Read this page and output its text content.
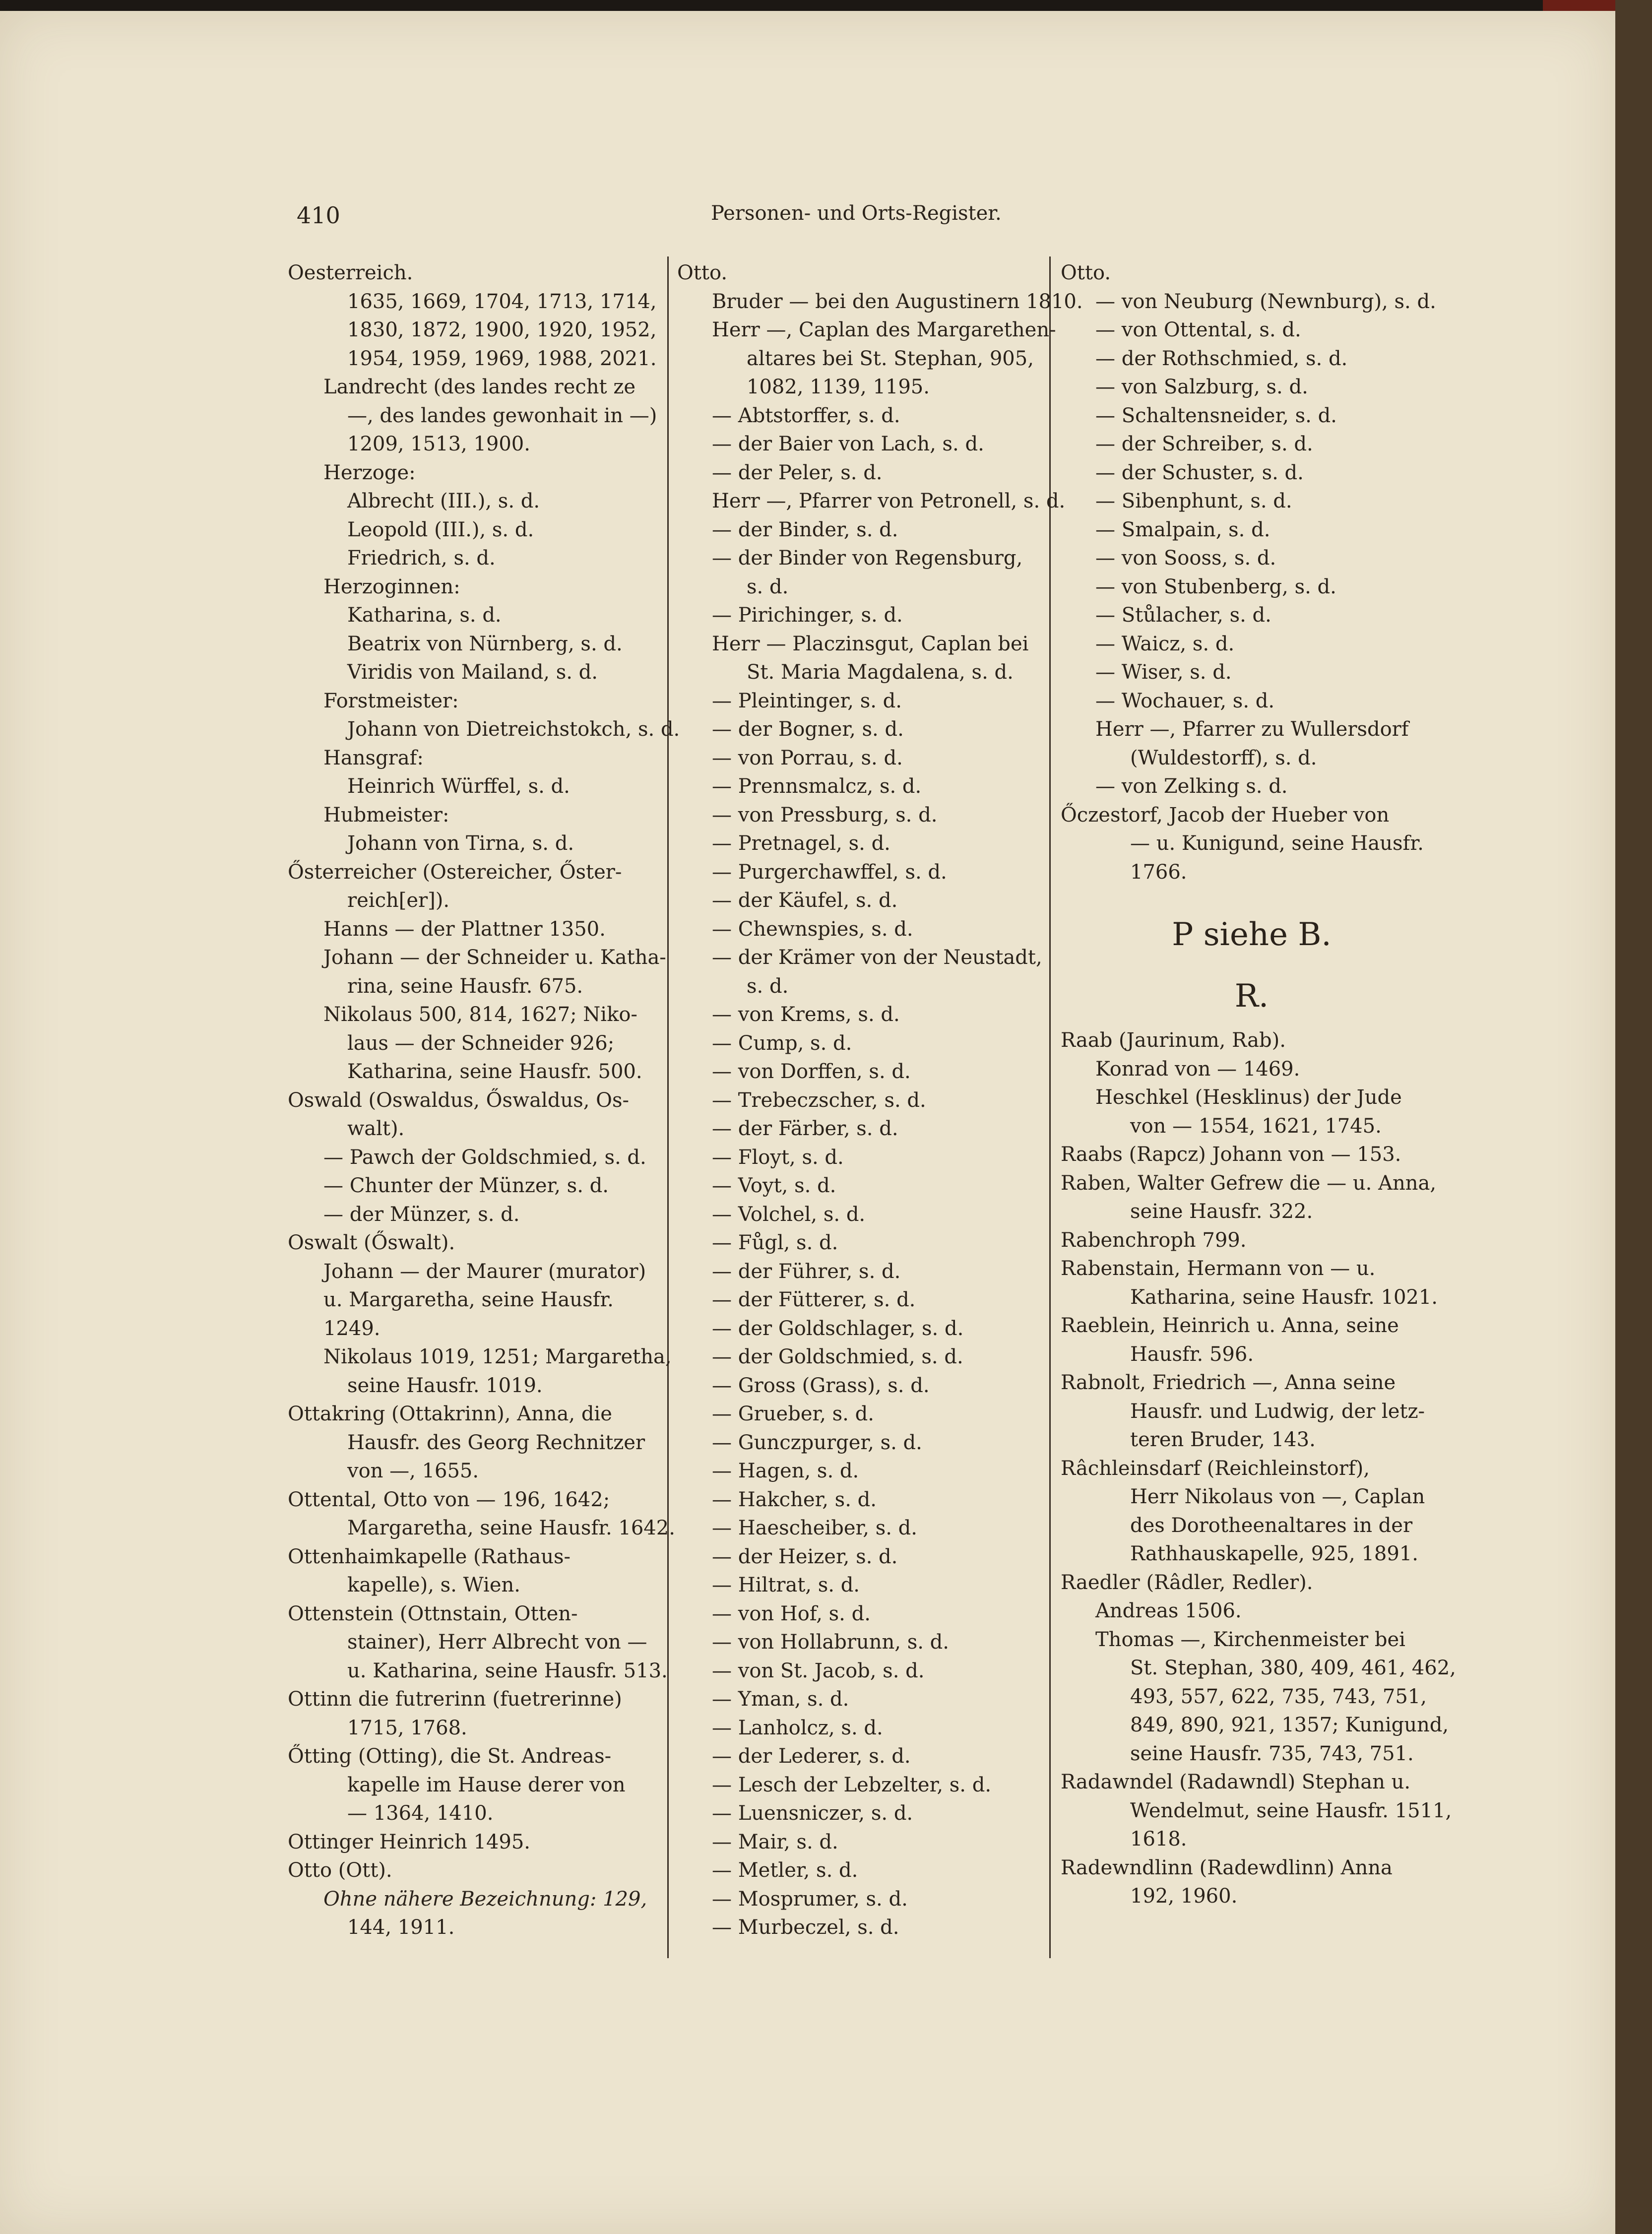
410	Personen- und Orts-Register.
Oesterreich.
1635, 1669, 1704, 1713, 1714,
1830, 1872, 1900, 1920, 1952,
1954, 1959, 1969, 1988, 2021.
Landrecht (des landes recht ze
—, des landes gewonhait in —)
1209, 1513, 1900.
Herzoge:
Albrecht (III.), s. d.
Leopold (III.), s. d.
Friedrich, s. d.
Herzoginnen:
Katharina, s. d.
Beatrix von Nürnberg, s. d.
Viridis von Mailand, s. d.
Forstmeister:
Johann von Dietreichstokch, s. d.
Hansgraf:
Heinrich Würffel, s. d.
Hubmeister:
Johann von Tirna, s. d.
Ősterreicher (Ostereicher, Őster-
reich[er]).
Hanns — der Plattner 1350.
Johann — der Schneider u. Katha-
rina, seine Hausfr. 675.
Nikolaus 500, 814, 1627; Niko-
laus — der Schneider 926;
Katharina, seine Hausfr. 500.
Oswald (Oswaldus, Őswaldus, Os-
walt).
— Pawch der Goldschmied, s. d.
— Chunter der Münzer, s. d.
— der Münzer, s. d.
Oswalt (Őswalt).
Johann — der Maurer (murator)
u. Margaretha, seine Hausfr.
1249.
Nikolaus 1019, 1251; Margaretha,
seine Hausfr. 1019.
Ottakring (Ottakrinn), Anna, die
Hausfr. des Georg Rechnitzer
von —, 1655.
Ottental, Otto von — 196, 1642;
Margaretha, seine Hausfr. 1642.
Ottenhaimkapelle (Rathaus-
kapelle), s. Wien.
Ottenstein (Ottnstain, Otten-
stainer), Herr Albrecht von —
u. Katharina, seine Hausfr. 513.
Ottinn die futrerinn (fuetrerinne)
1715, 1768.
Őtting (Otting), die St. Andreas-
kapelle im Hause derer von
— 1364, 1410.
Ottinger Heinrich 1495.
Otto (Ott).
Ohne nähere Bezeichnung: 129,
144, 1911.
Otto.
Bruder — bei den Augustinern 1810.
Herr —, Caplan des Margarethen-
altares bei St. Stephan, 905,
1082, 1139, 1195.
— Abtstorffer, s. d.
— der Baier von Lach, s. d.
— der Peler, s. d.
Herr —, Pfarrer von Petronell, s. d.
— der Binder, s. d.
— der Binder von Regensburg,
s. d.
— Pirichinger, s. d.
Herr — Placzinsgut, Caplan bei
St. Maria Magdalena, s. d.
— Pleintinger, s. d.
— der Bogner, s. d.
— von Porrau, s. d.
— Prennsmalcz, s. d.
— von Pressburg, s. d.
— Pretnagel, s. d.
— Purgerchawffel, s. d.
— der Käufel, s. d.
— Chewnspies, s. d.
— der Krämer von der Neustadt,
s. d.
— von Krems, s. d.
— Cump, s. d.
— von Dorffen, s. d.
— Trebeczscher, s. d.
— der Färber, s. d.
— Floyt, s. d.
— Voyt, s. d.
— Volchel, s. d.
— Fůgl, s. d.
— der Führer, s. d.
— der Fütterer, s. d.
— der Goldschlager, s. d.
— der Goldschmied, s. d.
— Gross (Grass), s. d.
— Grueber, s. d.
— Gunczpurger, s. d.
— Hagen, s. d.
— Hakcher, s. d.
— Haescheiber, s. d.
— der Heizer, s. d.
— Hiltrat, s. d.
— von Hof, s. d.
— von Hollabrunn, s. d.
— von St. Jacob, s. d.
— Yman, s. d.
— Lanholcz, s. d.
— der Lederer, s. d.
— Lesch der Lebzelter, s. d.
— Luensniczer, s. d.
— Mair, s. d.
— Metler, s. d.
— Mosprumer, s. d.
— Murbeczel, s. d.
Otto.
— von Neuburg (Newnburg), s. d.
— von Ottental, s. d.
— der Rothschmied, s. d.
— von Salzburg, s. d.
— Schaltensneider, s. d.
— der Schreiber, s. d.
— der Schuster, s. d.
— Sibenphunt, s. d.
— Smalpain, s. d.
— von Sooss, s. d.
— von Stubenberg, s. d.
— Stůlacher, s. d.
— Waicz, s. d.
— Wiser, s. d.
— Wochauer, s. d.
Herr —, Pfarrer zu Wullersdorf
(Wuldestorff), s. d.
— von Zelking s. d.
Őczestorf, Jacob der Hueber von
— u. Kunigund, seine Hausfr.
1766.
P siehe B.
R.
Raab (Jaurinum, Rab).
Konrad von — 1469.
Heschkel (Hesklinus) der Jude
von — 1554, 1621, 1745.
Raabs (Rapcz) Johann von — 153.
Raben, Walter Gefrew die — u. Anna,
seine Hausfr. 322.
Rabenchroph 799.
Rabenstain, Hermann von — u.
Katharina, seine Hausfr. 1021.
Raeblein, Heinrich u. Anna, seine
Hausfr. 596.
Rabnolt, Friedrich —, Anna seine
Hausfr. und Ludwig, der letz-
teren Bruder, 143.
Râchleinsdarf (Reichleinstorf),
Herr Nikolaus von —, Caplan
des Dorotheenaltares in der
Rathhauskapelle, 925, 1891.
Raedler (Râdler, Redler).
Andreas 1506.
Thomas —, Kirchenmeister bei
St. Stephan, 380, 409, 461, 462,
493, 557, 622, 735, 743, 751,
849, 890, 921, 1357; Kunigund,
seine Hausfr. 735, 743, 751.
Radawndel (Radawndl) Stephan u.
Wendelmut, seine Hausfr. 1511,
1618.
Radewndlinn (Radewdlinn) Anna
192, 1960.
